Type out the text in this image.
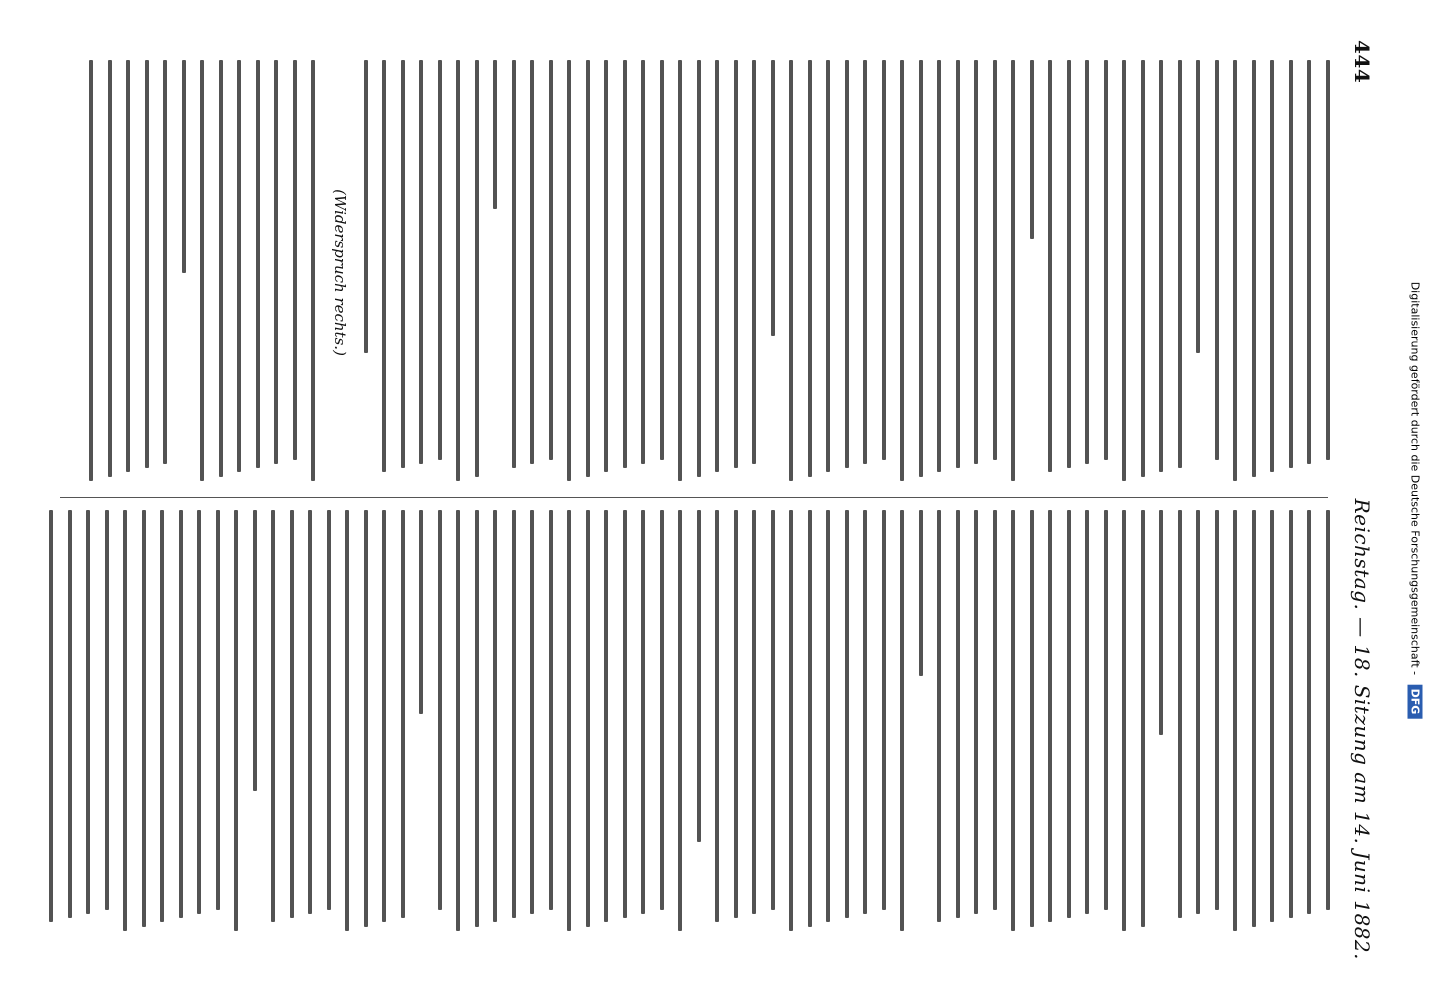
444
Reichstag. — 18. Sitzung am 14. Juni 1882.
(Widerspruch rechts.)
Digitalisierung gefördert durch die Deutsche Forschungsgemeinschaft - DFG
